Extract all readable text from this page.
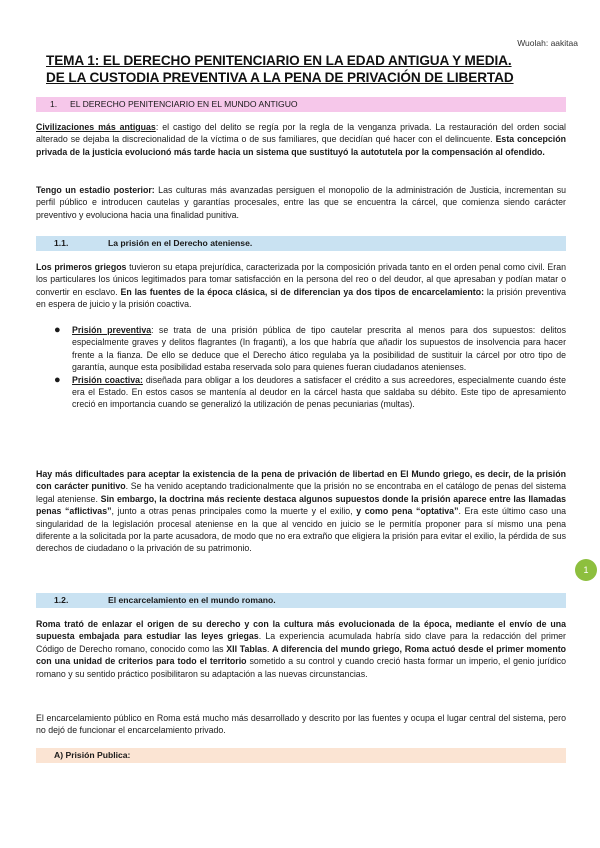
Wuolah: aakitaa
TEMA 1: EL DERECHO PENITENCIARIO EN LA EDAD ANTIGUA Y MEDIA.
DE LA CUSTODIA PREVENTIVA A LA PENA DE PRIVACIÓN DE LIBERTAD
1. EL DERECHO PENITENCIARIO EN EL MUNDO ANTIGUO
Civilizaciones más antiguas: el castigo del delito se regía por la regla de la venganza privada. La restauración del orden social alterado se dejaba la discrecionalidad de la víctima o de sus familiares, que decidían qué hacer con el delincuente. Esta concepción privada de la justicia evolucionó más tarde hacia un sistema que sustituyó la autotutela por la compensación al ofendido.
Tengo un estadio posterior: Las culturas más avanzadas persiguen el monopolio de la administración de Justicia, incrementan su perfil público e introducen cautelas y garantías procesales, entre las que se encuentra la cárcel, que comienza siendo carácter preventivo y evoluciona hacia una finalidad punitiva.
1.1.	La prisión en el Derecho ateniense.
Los primeros griegos tuvieron su etapa prejurídica, caracterizada por la composición privada tanto en el orden penal como civil. Eran los particulares los únicos legitimados para tomar satisfacción en la persona del reo o del deudor, al que apresaban y podían matar o convertir en esclavo. En las fuentes de la época clásica, si de diferencian ya dos tipos de encarcelamiento: la prisión preventiva en espera de juicio y la prisión coactiva.
● Prisión preventiva: se trata de una prisión pública de tipo cautelar prescrita al menos para dos supuestos: delitos especialmente graves y delitos flagrantes (In fraganti), a los que habría que añadir los supuestos de insolvencia para hacer frente a la fianza. De ello se deduce que el Derecho ático regulaba ya la posibilidad de sustituir la cárcel por otro tipo de garantía, aunque esta posibilidad estaba reservada solo para quienes fueran ciudadanos atenienses.
● Prisión coactiva: diseñada para obligar a los deudores a satisfacer el crédito a sus acreedores, especialmente cuando éste era el Estado. En estos casos se mantenía al deudor en la cárcel hasta que saldaba su débito. Este tipo de apresamiento creció en importancia cuando se generalizó la utilización de penas pecuniarias (multas).
Hay más dificultades para aceptar la existencia de la pena de privación de libertad en El Mundo griego, es decir, de la prisión con carácter punitivo. Se ha venido aceptando tradicionalmente que la prisión no se encontraba en el catálogo de penas del sistema legal ateniense. Sin embargo, la doctrina más reciente destaca algunos supuestos donde la prisión aparece entre las llamadas penas “aflictivas”, junto a otras penas principales como la muerte y el exilio, y como pena “optativa”. Era este último caso una singularidad de la legislación procesal ateniense en la que al vencido en juicio se le permitía proponer para sí mismo una pena diferente a la solicitada por la parte acusadora, de modo que no era extraño que eligiera la prisión para evitar el exilio, la pérdida de sus derechos de ciudadano o la privación de su patrimonio.
1.2.	El encarcelamiento en el mundo romano.
Roma trató de enlazar el origen de su derecho y con la cultura más evolucionada de la época, mediante el envío de una supuesta embajada para estudiar las leyes griegas. La experiencia acumulada habría sido clave para la redacción del primer Código de Derecho romano, conocido como las XII Tablas. A diferencia del mundo griego, Roma actuó desde el primer momento con una unidad de criterios para todo el territorio sometido a su control y cuando creció hasta formar un imperio, el genio jurídico romano y su sentido práctico posibilitaron su adaptación a las nuevas circunstancias.
El encarcelamiento público en Roma está mucho más desarrollado y descrito por las fuentes y ocupa el lugar central del sistema, pero no dejó de funcionar el encarcelamiento privado.
A) Prisión Publica:
1
